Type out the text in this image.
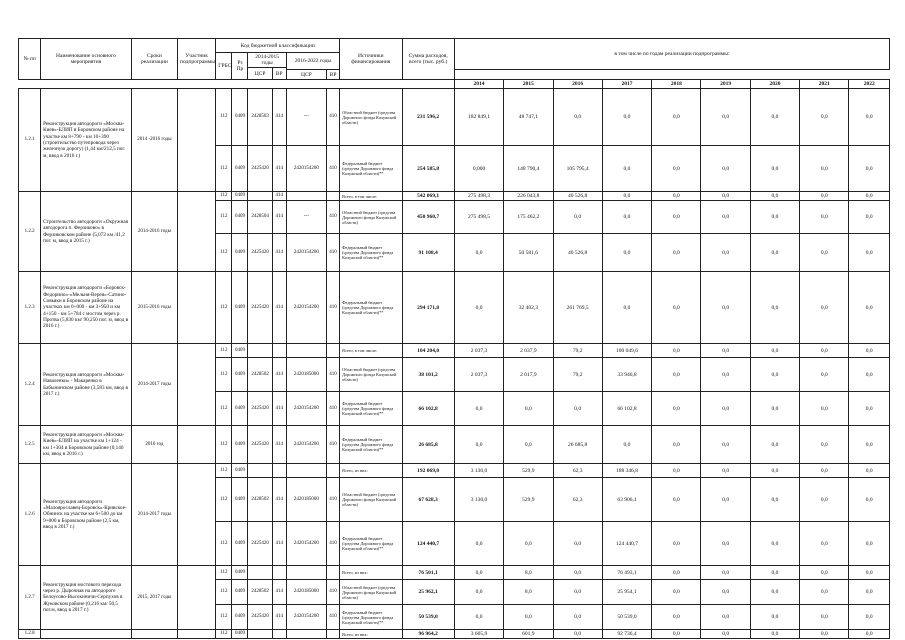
№ пп	Наименование основного мероприятия	Сроки реализации	Участник подпрограммы	Код бюджетной классификации						Источники финансирования	Сумма расходов, всего (тыс. руб.)	в том числе по годам реализации подпрограммы:								
				ГРБС	Рз Пр	2014-2015 годы		2016-2022 годы												
						ЦСР	ВР													
								ЦСР	ВР											
												2014	2015	2016	2017	2018	2019	2020	2021	2022
1.2.1	Реконструкция автодороги «Москва-Киев»-ЕЛИП в Боровском районе на участке км 8+790 - км 10+390 (строительство путепровода через железную дорогу) (1,44 км/212,5 пог. м, ввод в 2016 г.)	2014 -2016 годы		112	0409	2428503	414	---	410	Областной бюджет (средства Дорожного фонда Калужской области)	231 596,2	182 849,1	48 747,1	0,0	0,0	0,0	0,0	0,0	0,0	0,0
				112	0409	2425420	414	2420154200	410	Федеральный бюджет (средства Дорожного фонда Калужской области)**	254 585,8	0,000	148 790,4	105 795,4	0,0	0,0	0,0	0,0	0,0	0,0
1.2.2	Строительство автодороги «Окружная автодорога п. Ферзиково» в Ферзиковском районе (5,072 км /41,2 пог. м, ввод в 2015 г.)	2014-2016 годы		112	0409		414			Всего, в том числе:	542 069,1	275 498,3	226 043,8	40 526,8	0,0	0,0	0,0	0,0	0,0	0,0
				112	0409	2428504	414	---	410	Областной бюджет (средства Дорожного фонда Калужской области)	450 960,7	275 498,5	175 462,2	0,0	0,0	0,0	0,0	0,0	0,0	0,0
				112	0409	2425420	414	2420154200	410	Федеральный бюджет (средства Дорожного фонда Калужской области)**	91 108,4	0,0	50 581,6	40 526,8	0,0	0,0	0,0	0,0	0,0	0,0
1.2.3	Реконструкция автодороги «Боровск-Федорино»-«Мельня-Верея»-Сатино-Совьяки в Боровском районе на участках км 0+000 - км 3+950 и км 4+150 - км 5+784 с мостом через р. Протва (5,830 км/ 90,250 пог. м, ввод в 2016 г.)	2015-2016 годы		112	0409	2425420	414	2420154200	410	Федеральный бюджет (средства Дорожного фонда Калужской области)**	294 171,8	0,0	32 402,3	261 769,5	0,0	0,0	0,0	0,0	0,0	0,0
1.2.4	Реконструкция автодороги «Москва-Наваленки» - Макаренко в Бабынинском районе (3,583 км, ввод в 2017 г.)	2014-2017 годы		112	0409					Всего, в том числе:	104 204,0	2 037,3	2 037,9	79,2	100 049,6	0,0	0,0	0,0	0,0	0,0
				112	0409	2428502	414	2420185000	410	Областной бюджет (средства Дорожного фонда Калужской области)	38 101,2	2 037,3	2 017,9	79,2	33 946,8	0,0	0,0	0,0	0,0	0,0
				112	0409	2425420	414	2420154200	410	Федеральный бюджет (средства Дорожного фонда Калужской области)**	66 102,8	0,0	0,0	0,0	66 102,8	0,0	0,0	0,0	0,0	0,0
1.2.5	Реконструкция автодороги «Москва-Киев»-ЕЛИП на участке км 1+124 - км 1+304 в Боровском районе (0,140 км, ввод в 2016 г.)	2016 год		112	0409	2425420	414	2420154200	410	Федеральный бюджет (средства Дорожного фонда Калужской области)**	26 685,8	0,0	0,0	26 685,8	0,0	0,0	0,0	0,0	0,0	0,0
1.2.6	Реконструкция автодороги «Малоярославец-Боровск»-Кривское-Обнинск на участке км 6+500 до км 9+000 в Боровском районе (2,5 км, ввод в 2017 г.)	2014-2017 годы		112	0409					Всего, из них:	192 069,0	3 130,0	529,9	62,3	188 346,8	0,0	0,0	0,0	0,0	0,0
				112	0409	2428502	414	2420185000	410	Областной бюджет (средства Дорожного фонда Калужской области)	67 628,3	3 130,0	529,9	62,3	63 906,1	0,0	0,0	0,0	0,0	0,0
				112	0409	2425420	414	2420154200	410	Федеральный бюджет (средства Дорожного фонда Калужской области)**	124 440,7	0,0	0,0	0,0	124 440,7	0,0	0,0	0,0	0,0	0,0
1.2.7	Реконструкция мостового перехода через р. Дырочная на автодороге Белоусово-Высокиничи-Серпухов в Жуковском районе (0,216 км/ 50,5 пог.м, ввод в 2017 г.)	2015, 2017 годы		112	0409					Всего, из них:	76 501,1	0,0	8,0	0,0	76 493,1	0,0	0,0	0,0	0,0	0,0
				112	0409	2428502	414	2420185000	410	Областной бюджет (средства Дорожного фонда Калужской области)	25 962,1	0,0	8,0	0,0	25 954,1	0,0	0,0	0,0	0,0	0,0
				112	0409	2425420	414	2420154200	410	Федеральный бюджет (средства Дорожного фонда Калужской области)**	50 539,0	0,0	0,0	0,0	50 539,0	0,0	0,0	0,0	0,0	0,0
1.2.8				112	0409					Всего, из них:	96 964,2	3 605,9	601,9	0,0	92 736,4	0,0	0,0	0,0	0,0	0,0
